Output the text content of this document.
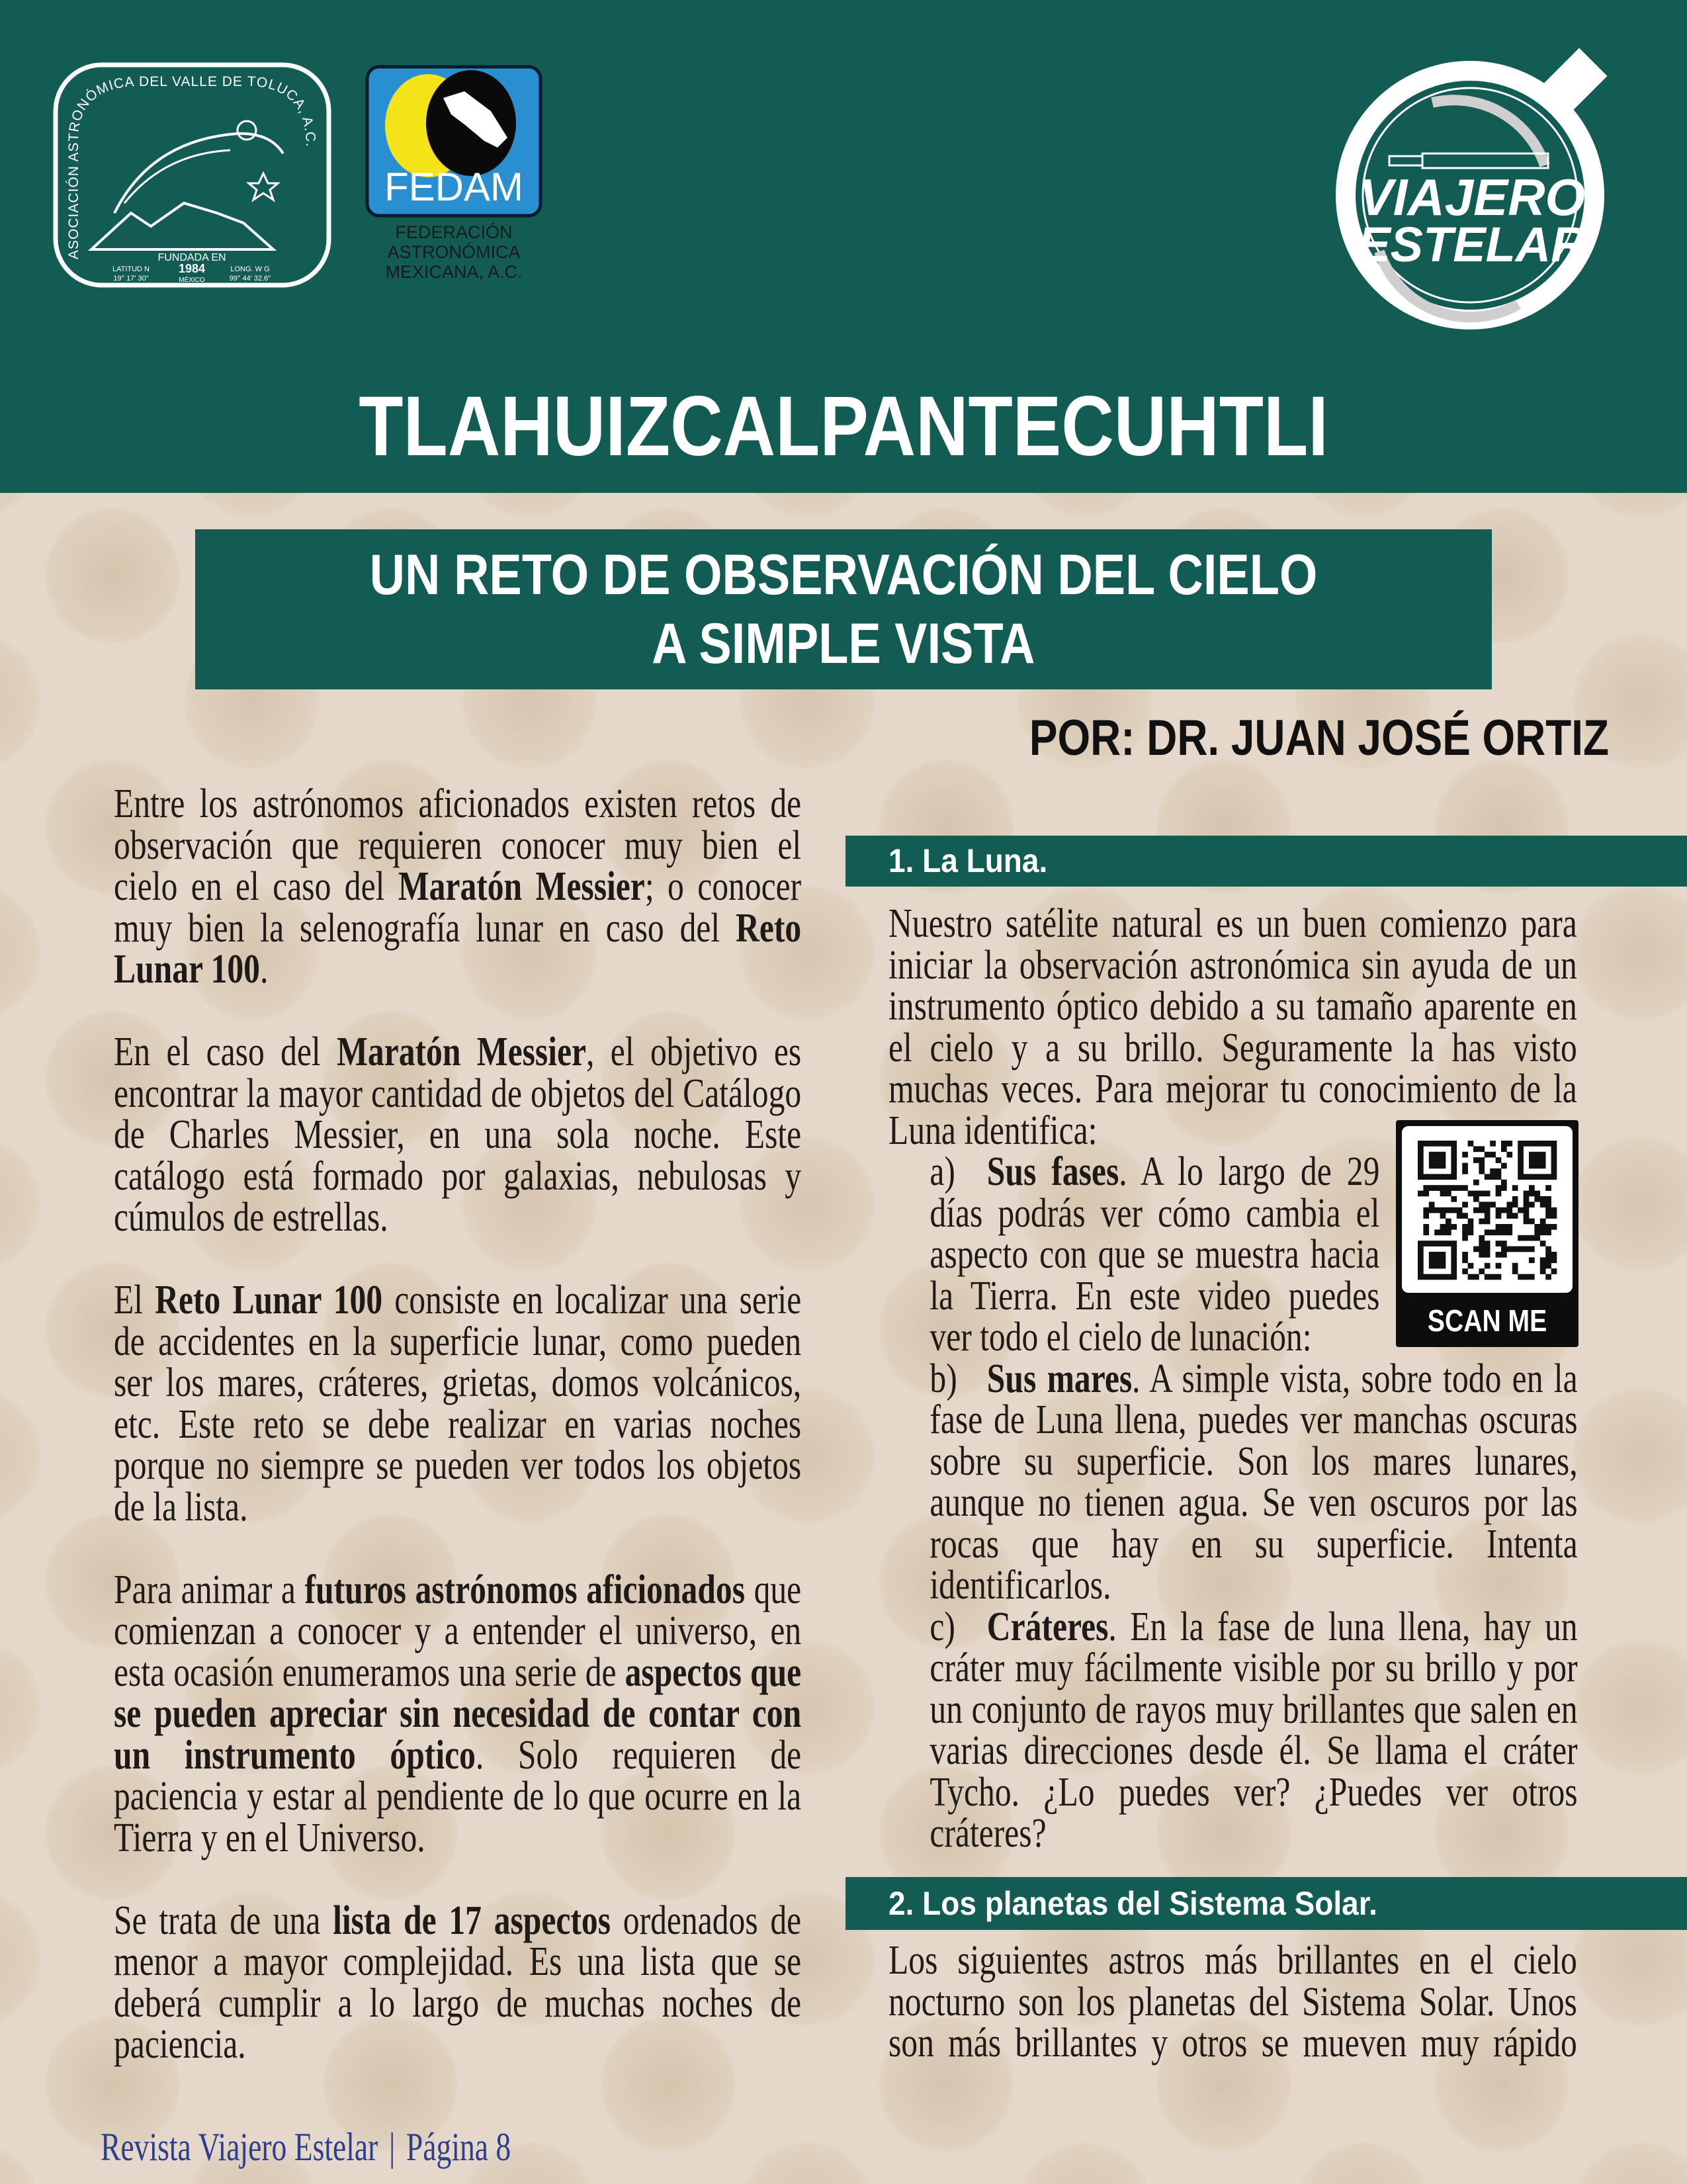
ASOCIACIÓN ASTRONÓMICA DEL VALLE DE TOLUCA, A.C.
FUNDADA EN
1984
MÉXICO
LATITUD N
19° 17' 30"
LONG. W G
99° 44' 32.6"
FEDAM
FEDERACIÓN
ASTRONÓMICA
MEXICANA, A.C.
VIAJERO
ESTELAR
TLAHUIZCALPANTECUHTLI
UN RETO DE OBSERVACIÓN DEL CIELO
A SIMPLE VISTA
POR: DR. JUAN JOSÉ ORTIZ

Entre los astrónomos aficionados existen retos de observación que requieren conocer muy bien el cielo en el caso del Maratón Messier; o conocer muy bien la selenografía lunar en caso del Reto Lunar 100.

En el caso del Maratón Messier, el objetivo es encontrar la mayor cantidad de objetos del Catálogo de Charles Messier, en una sola noche. Este catálogo está formado por galaxias, nebulosas y cúmulos de estrellas.

El Reto Lunar 100 consiste en localizar una serie de accidentes en la superficie lunar, como pueden ser los mares, cráteres, grietas, domos volcánicos, etc. Este reto se debe realizar en varias noches porque no siempre se pueden ver todos los objetos de la lista.

Para animar a futuros astrónomos aficionados que comienzan a conocer y a entender el universo, en esta ocasión enumeramos una serie de aspectos que se pueden apreciar sin necesidad de contar con un instrumento óptico. Solo requieren de paciencia y estar al pendiente de lo que ocurre en la Tierra y en el Universo.

Se trata de una lista de 17 aspectos ordenados de menor a mayor complejidad. Es una lista que se deberá cumplir a lo largo de muchas noches de paciencia.

1. La Luna.

Nuestro satélite natural es un buen comienzo para iniciar la observación astronómica sin ayuda de un instrumento óptico debido a su tamaño aparente en el cielo y a su brillo. Seguramente la has visto muchas veces. Para mejorar tu conocimiento de la Luna identifica:

a) Sus fases. A lo largo de 29 días podrás ver cómo cambia el aspecto con que se muestra hacia la Tierra. En este video puedes ver todo el cielo de lunación:
b) Sus mares. A simple vista, sobre todo en la fase de Luna llena, puedes ver manchas oscuras sobre su superficie. Son los mares lunares, aunque no tienen agua. Se ven oscuros por las rocas que hay en su superficie. Intenta identificarlos.
c) Cráteres. En la fase de luna llena, hay un cráter muy fácilmente visible por su brillo y por un conjunto de rayos muy brillantes que salen en varias direcciones desde él. Se llama el cráter Tycho. ¿Lo puedes ver? ¿Puedes ver otros cráteres?
SCAN ME
2. Los planetas del Sistema Solar.

Los siguientes astros más brillantes en el cielo nocturno son los planetas del Sistema Solar. Unos son más brillantes y otros se mueven muy rápido

Revista Viajero Estelar | Página 8
